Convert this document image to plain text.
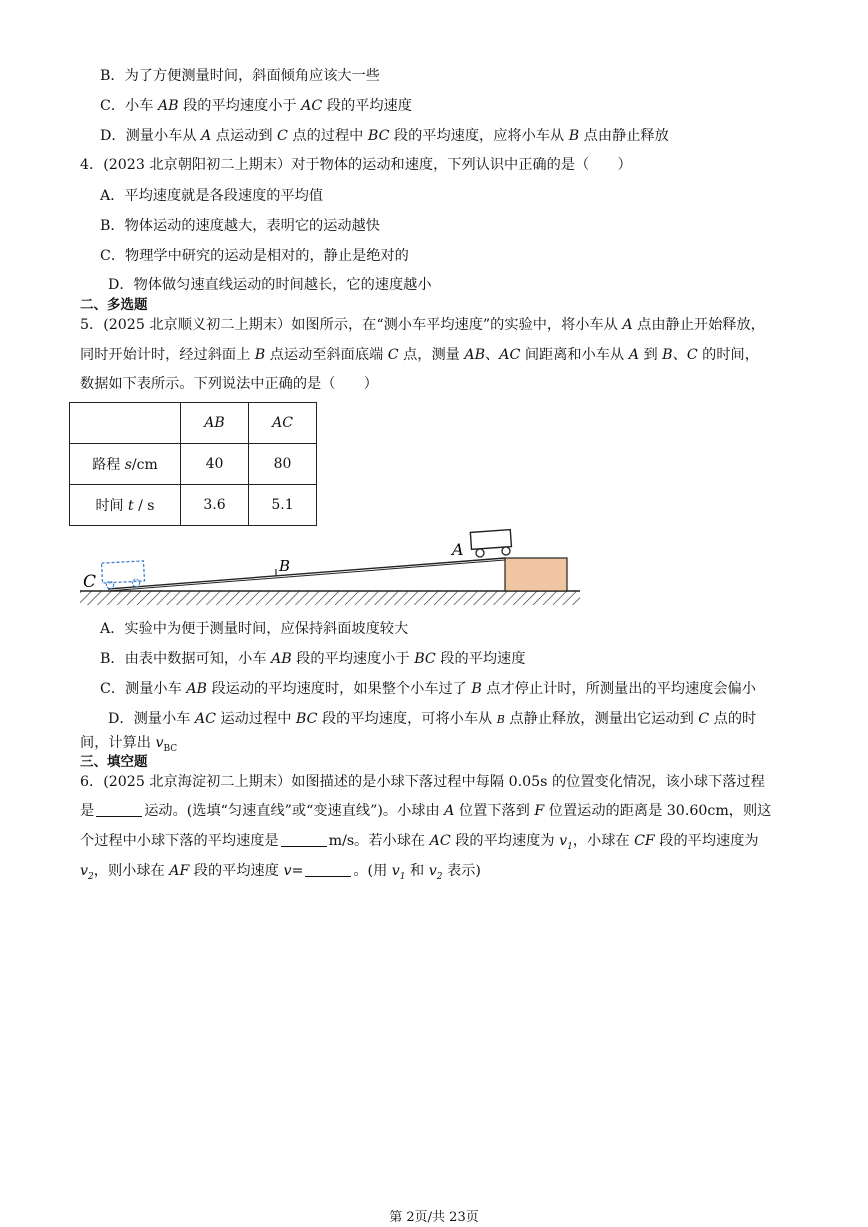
B．为了方便测量时间，斜面倾角应该大一些
C．小车 AB 段的平均速度小于 AC 段的平均速度
D．测量小车从 A 点运动到 C 点的过程中 BC 段的平均速度，应将小车从 B 点由静止释放
4．(2023 北京朝阳初二上期末）对于物体的运动和速度，下列认识中正确的是（　　）
A．平均速度就是各段速度的平均值
B．物体运动的速度越大，表明它的运动越快
C．物理学中研究的运动是相对的，静止是绝对的
D．物体做匀速直线运动的时间越长，它的速度越小
二、多选题
5．(2025 北京顺义初二上期末）如图所示，在“测小车平均速度”的实验中，将小车从 A 点由静止开始释放，
同时开始计时，经过斜面上 B 点运动至斜面底端 C 点，测量 AB、AC 间距离和小车从 A 到 B、C 的时间，
数据如下表所示。下列说法中正确的是（　　）
	AB	AC
路程 s/cm	40	80
时间 t / s	3.6	5.1
C
B
A
A．实验中为便于测量时间，应保持斜面坡度较大
B．由表中数据可知，小车 AB 段的平均速度小于 BC 段的平均速度
C．测量小车 AB 段运动的平均速度时，如果整个小车过了 B 点才停止计时，所测量出的平均速度会偏小
D．测量小车 AC 运动过程中 BC 段的平均速度，可将小车从 B 点静止释放，测量出它运动到 C 点的时
间，计算出 $v_{BC}$
三、填空题
6．(2025 北京海淀初二上期末）如图描述的是小球下落过程中每隔 0.05s 的位置变化情况，该小球下落过程
是	运动。(选填“匀速直线”或“变速直线”)。小球由 A 位置下落到 F 位置运动的距离是 30.60cm，则这
个过程中小球下落的平均速度是	m/s。若小球在 AC 段的平均速度为 $v_1$，小球在 CF 段的平均速度为
$v_2$，则小球在 AF 段的平均速度 v=	。(用 $v_1$ 和 $v_2$ 表示)
第 2页/共 23页
